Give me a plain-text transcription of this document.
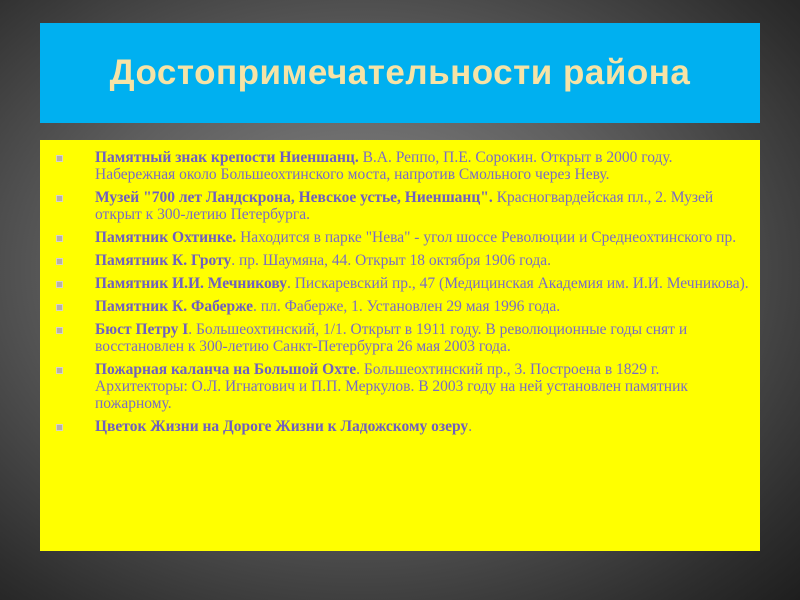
Достопримечательности района
Памятный знак крепости Ниеншанц. В.А. Реппо, П.Е. Сорокин. Открыт в 2000 году. Набережная около Большеохтинского моста, напротив Смольного через Неву.
Музей "700 лет Ландскрона, Невское устье, Ниеншанц". Красногвардейская пл., 2. Музей открыт к 300-летию Петербурга.
Памятник Охтинке. Находится в парке "Нева" - угол шоссе Революции и Среднеохтинского пр.
Памятник К. Гроту. пр. Шаумяна, 44. Открыт 18 октября 1906 года.
Памятник И.И. Мечникову. Пискаревский пр., 47 (Медицинская Академия им. И.И. Мечникова).
Памятник К. Фаберже. пл. Фаберже, 1. Установлен 29 мая 1996 года.
Бюст Петру I. Большеохтинский, 1/1. Открыт в 1911 году. В революционные годы снят и восстановлен к 300-летию Санкт-Петербурга 26 мая 2003 года.
Пожарная каланча на Большой Охте. Большеохтинский пр., 3. Построена в 1829 г. Архитекторы: О.Л. Игнатович и П.П. Меркулов. В 2003 году на ней установлен памятник пожарному.
Цветок Жизни на Дороге Жизни к Ладожскому озеру.
